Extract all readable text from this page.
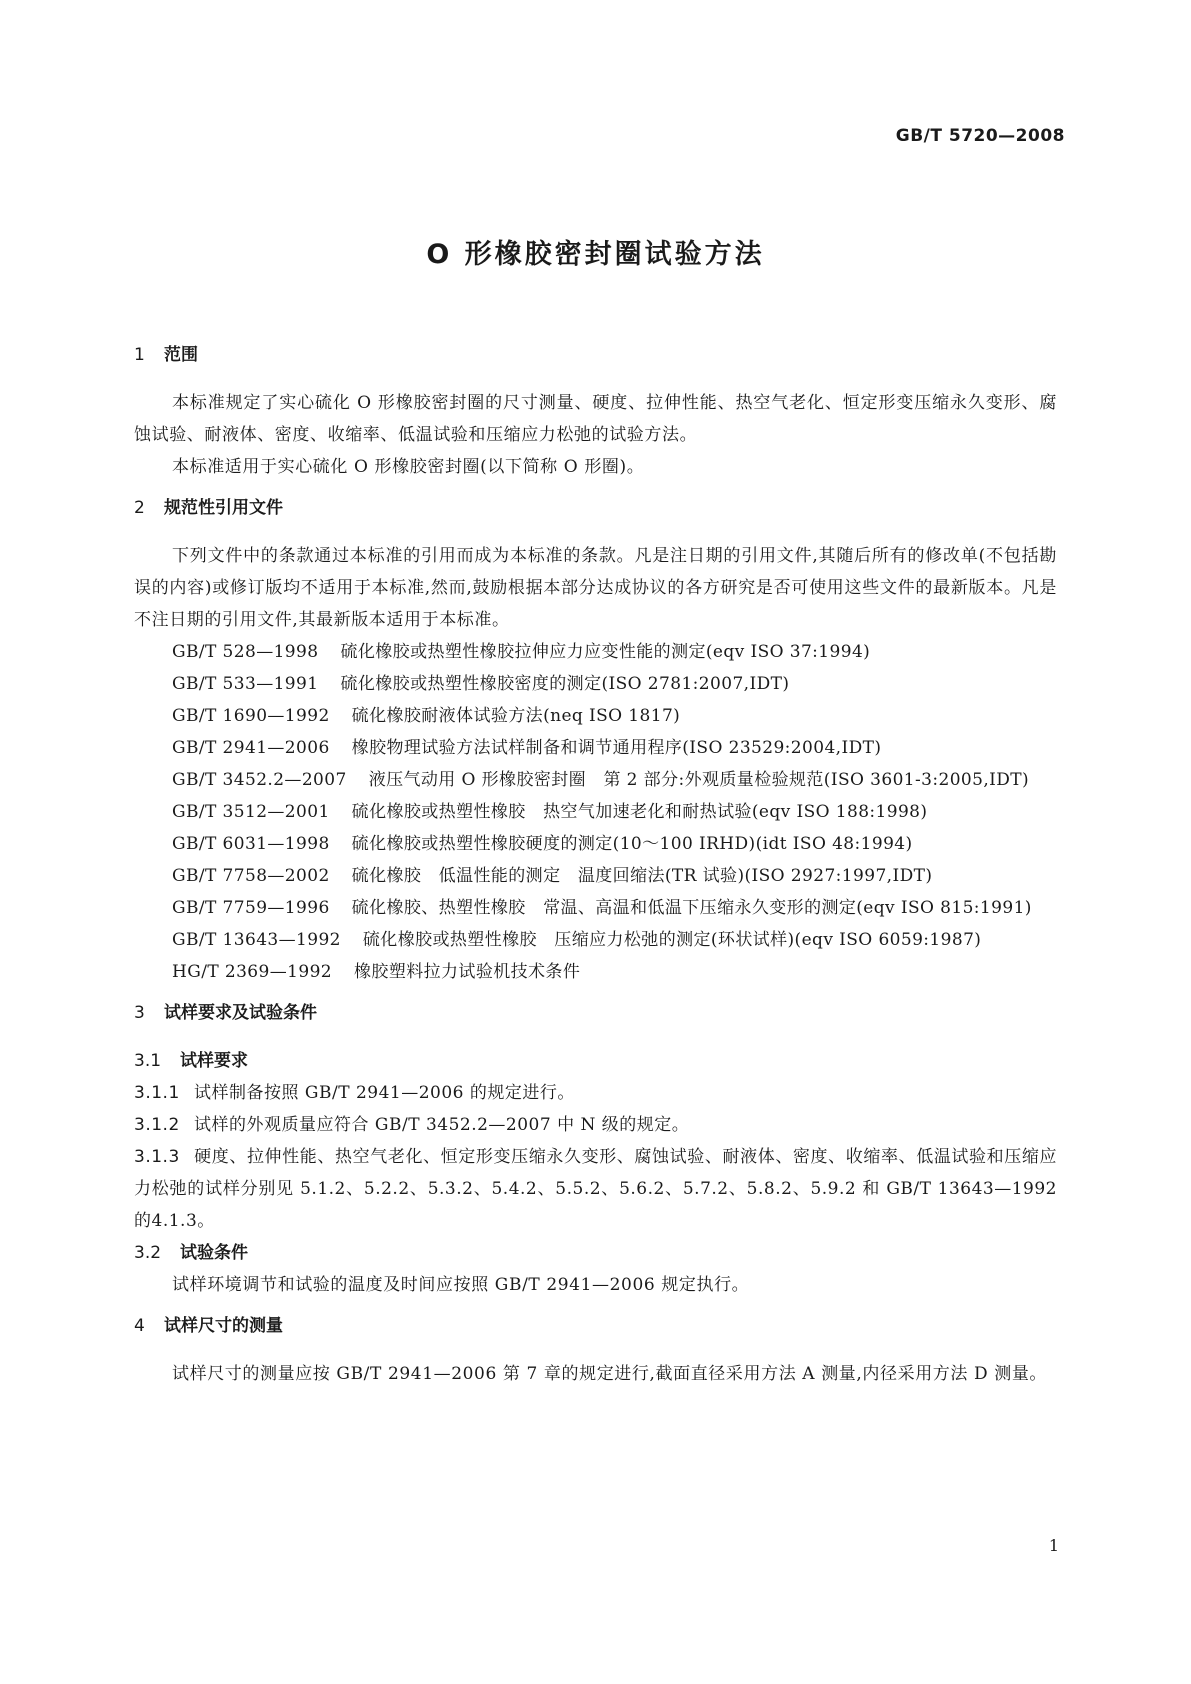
GB/T 5720—2008
O 形橡胶密封圈试验方法
1 范围

本标准规定了实心硫化 O 形橡胶密封圈的尺寸测量、硬度、拉伸性能、热空气老化、恒定形变压缩永久变形、腐蚀试验、耐液体、密度、收缩率、低温试验和压缩应力松弛的试验方法。

本标准适用于实心硫化 O 形橡胶密封圈(以下简称 O 形圈)。

2 规范性引用文件

下列文件中的条款通过本标准的引用而成为本标准的条款。凡是注日期的引用文件,其随后所有的修改单(不包括勘误的内容)或修订版均不适用于本标准,然而,鼓励根据本部分达成协议的各方研究是否可使用这些文件的最新版本。凡是不注日期的引用文件,其最新版本适用于本标准。

GB/T 528—1998 硫化橡胶或热塑性橡胶拉伸应力应变性能的测定(eqv ISO 37:1994)
GB/T 533—1991 硫化橡胶或热塑性橡胶密度的测定(ISO 2781:2007,IDT)
GB/T 1690—1992 硫化橡胶耐液体试验方法(neq ISO 1817)
GB/T 2941—2006 橡胶物理试验方法试样制备和调节通用程序(ISO 23529:2004,IDT)
GB/T 3452.2—2007 液压气动用 O 形橡胶密封圈　第 2 部分:外观质量检验规范(ISO 3601-3:2005,IDT)
GB/T 3512—2001 硫化橡胶或热塑性橡胶　热空气加速老化和耐热试验(eqv ISO 188:1998)
GB/T 6031—1998 硫化橡胶或热塑性橡胶硬度的测定(10～100 IRHD)(idt ISO 48:1994)
GB/T 7758—2002 硫化橡胶　低温性能的测定　温度回缩法(TR 试验)(ISO 2927:1997,IDT)
GB/T 7759—1996 硫化橡胶、热塑性橡胶　常温、高温和低温下压缩永久变形的测定(eqv ISO 815:1991)
GB/T 13643—1992 硫化橡胶或热塑性橡胶　压缩应力松弛的测定(环状试样)(eqv ISO 6059:1987)
HG/T 2369—1992 橡胶塑料拉力试验机技术条件
3 试样要求及试验条件
3.1 试样要求

3.1.1 试样制备按照 GB/T 2941—2006 的规定进行。

3.1.2 试样的外观质量应符合 GB/T 3452.2—2007 中 N 级的规定。

3.1.3 硬度、拉伸性能、热空气老化、恒定形变压缩永久变形、腐蚀试验、耐液体、密度、收缩率、低温试验和压缩应力松弛的试样分别见 5.1.2、5.2.2、5.3.2、5.4.2、5.5.2、5.6.2、5.7.2、5.8.2、5.9.2 和 GB/T 13643—1992 的4.1.3。

3.2 试验条件

试样环境调节和试验的温度及时间应按照 GB/T 2941—2006 规定执行。

4 试样尺寸的测量

试样尺寸的测量应按 GB/T 2941—2006 第 7 章的规定进行,截面直径采用方法 A 测量,内径采用方法 D 测量。

1
